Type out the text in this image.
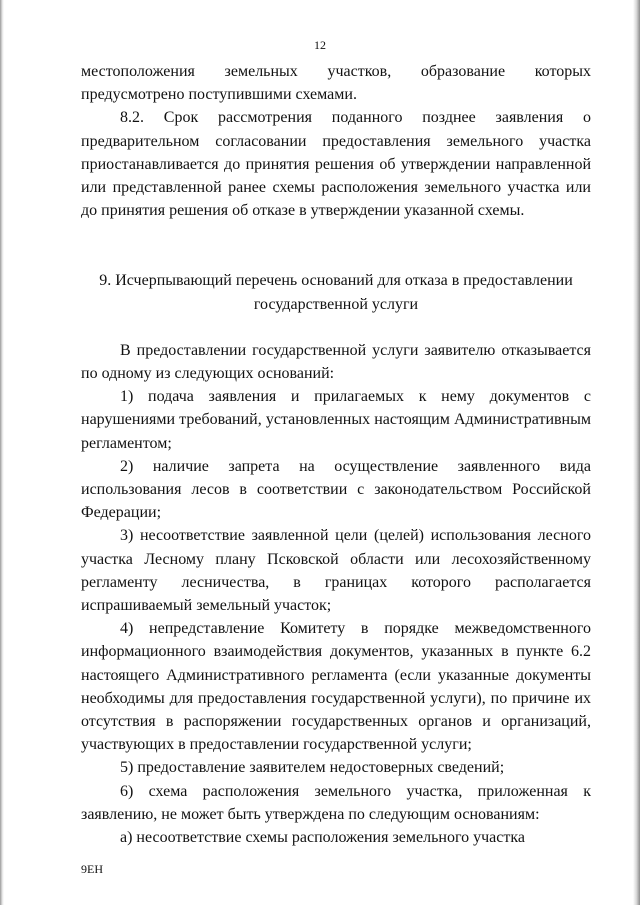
12

местоположения земельных участков, образование которых предусмотрено поступившими схемами.

8.2. Срок рассмотрения поданного позднее заявления о предварительном согласовании предоставления земельного участка приостанавливается до принятия решения об утверждении направленной или представленной ранее схемы расположения земельного участка или до принятия решения об отказе в утверждении указанной схемы.

9. Исчерпывающий перечень оснований для отказа в предоставлении государственной услуги

В предоставлении государственной услуги заявителю отказывается по одному из следующих оснований:

1) подача заявления и прилагаемых к нему документов с нарушениями требований, установленных настоящим Административным регламентом;

2) наличие запрета на осуществление заявленного вида использования лесов в соответствии с законодательством Российской Федерации;

3) несоответствие заявленной цели (целей) использования лесного участка Лесному плану Псковской области или лесохозяйственному регламенту лесничества, в границах которого располагается испрашиваемый земельный участок;

4) непредставление Комитету в порядке межведомственного информационного взаимодействия документов, указанных в пункте 6.2 настоящего Административного регламента (если указанные документы необходимы для предоставления государственной услуги), по причине их отсутствия в распоряжении государственных органов и организаций, участвующих в предоставлении государственной услуги;

5) предоставление заявителем недостоверных сведений;

6) схема расположения земельного участка, приложенная к заявлению, не может быть утверждена по следующим основаниям:

а) несоответствие схемы расположения земельного участка

9ЕН
